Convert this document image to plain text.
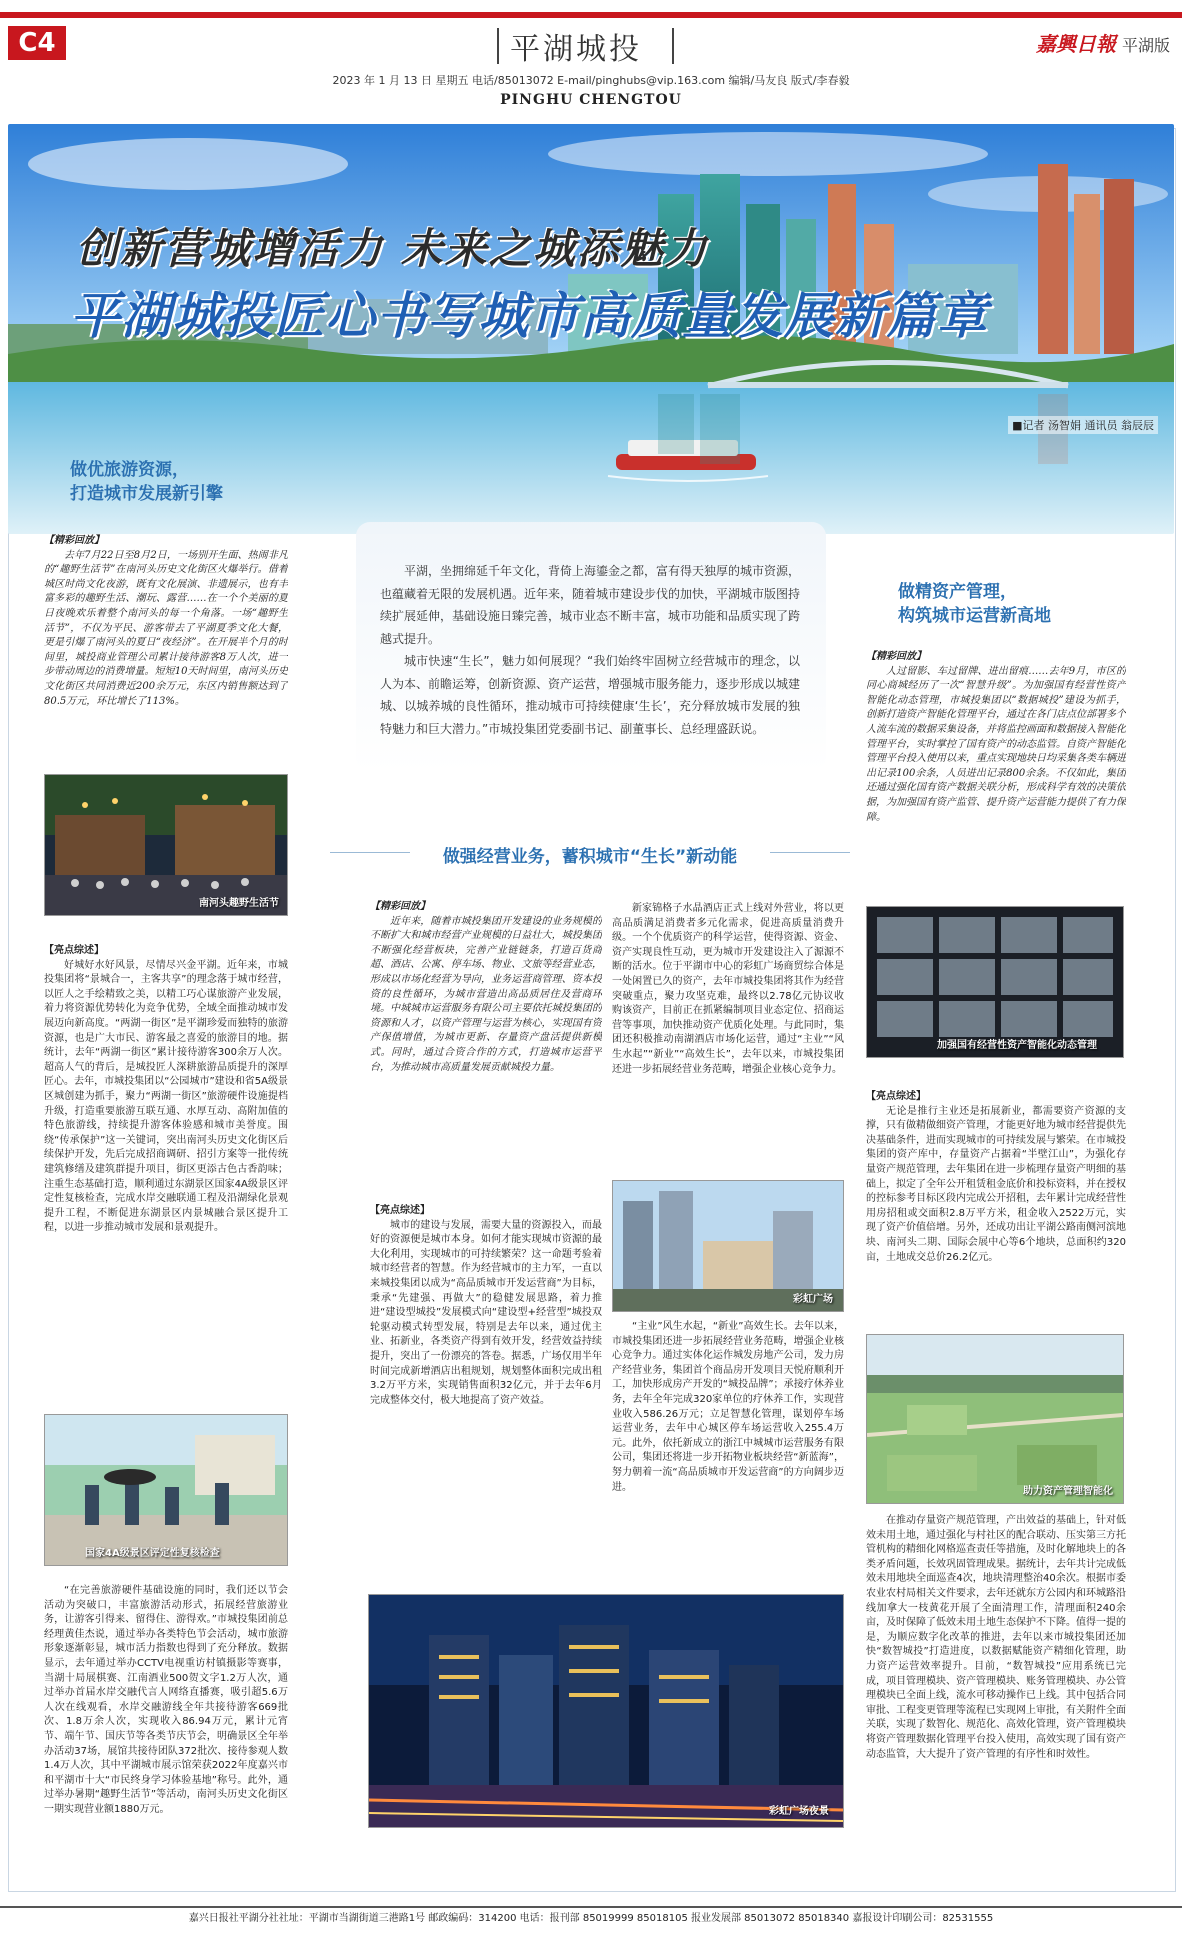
C4	平湖城投	嘉興日報 平湖版
2023 年 1 月 13 日 星期五 电话/85013072 E-mail/pinghubs@vip.163.com 编辑/马友良 版式/李春毅
PINGHU CHENGTOU
创新营城增活力 未来之城添魅力
平湖城投匠心书写城市高质量发展新篇章
■记者 汤智娟 通讯员 翁辰辰

平湖，坐拥绵延千年文化，背倚上海鎏金之都，富有得天独厚的城市资源，也蕴藏着无限的发展机遇。近年来，随着城市建设步伐的加快，平湖城市版图持续扩展延伸，基础设施日臻完善，城市业态不断丰富，城市功能和品质实现了跨越式提升。

城市快速“生长”，魅力如何展现？“我们始终牢固树立经营城市的理念，以人为本、前瞻运筹，创新资源、资产运营，增强城市服务能力，逐步形成以城建城、以城养城的良性循环，推动城市可持续健康‘生长’，充分释放城市发展的独特魅力和巨大潜力。”市城投集团党委副书记、副董事长、总经理盛跃说。

做优旅游资源，
打造城市发展新引擎
【精彩回放】

去年7月22日至8月2日，一场别开生面、热闹非凡的“趣野生活节”在南河头历史文化街区火爆举行。借着城区时尚文化夜游，既有文化展演、非遗展示，也有丰富多彩的趣野生活、潮玩、露营……在一个个美丽的夏日夜晚欢乐着整个南河头的每一个角落。一场“趣野生活节”，不仅为平民、游客带去了平湖夏季文化大餐，更是引爆了南河头的夏日“夜经济”。在开展半个月的时间里，城投商业管理公司累计接待游客8万人次，进一步带动周边的消费增量。短短10天时间里，南河头历史文化街区共同消费近200余万元，东区内销售额达到了80.5万元，环比增长了113%。

南河头趣野生活节
【亮点综述】

好城好水好风景，尽情尽兴金平湖。近年来，市城投集团将“景城合一，主客共享”的理念落于城市经营，以匠人之手绘精致之美，以精工巧心谋旅游产业发展，着力将资源优势转化为竞争优势，全域全面推动城市发展迈向新高度。“两湖一街区”是平湖珍爱而独特的旅游资源，也是广大市民、游客最之喜爱的旅游目的地。据统计，去年“两湖一街区”累计接待游客300余万人次。超高人气的背后，是城投匠人深耕旅游品质提升的深厚匠心。去年，市城投集团以“公园城市”建设和省5A级景区城创建为抓手，聚力“两湖一街区”旅游硬件设施提档升级，打造重要旅游互联互通、水厚互动、高附加值的特色旅游线，持续提升游客体验感和城市美誉度。围绕“传承保护”这一关键词，突出南河头历史文化街区后续保护开发，先后完成招商调研、招引方案等一批传统建筑修缮及建筑群提升项目，街区更添古色古香韵味；注重生态基础打造，顺利通过东湖景区国家4A级景区评定性复核检查，完成水岸交融联通工程及沿湖绿化景观提升工程，不断促进东湖景区内景城融合景区提升工程，以进一步推动城市发展和景观提升。

国家4A级景区评定性复核检查

“在完善旅游硬件基础设施的同时，我们还以节会活动为突破口，丰富旅游活动形式，拓展经营旅游业务，让游客引得来、留得住、游得欢。”市城投集团前总经理黄佳杰说，通过举办各类特色节会活动，城市旅游形象逐渐彰显，城市活力指数也得到了充分释放。数据显示，去年通过举办CCTV电视重访村镇摄影等赛事，当湖十局展棋赛、江南酒业500贺文字1.2万人次，通过举办首届水岸交融代言人网络直播赛，吸引超5.6万人次在线观看，水岸交融游线全年共接待游客669批次、1.8万余人次，实现收入86.94万元，累计元宵节、端午节、国庆节等各类节庆节会，明确景区全年举办活动37场，展馆共接待团队372批次、接待参观人数1.4万人次，其中平湖城市展示馆荣获2022年度嘉兴市和平湖市十大“市民终身学习体验基地”称号。此外，通过举办暑期“趣野生活节”等活动，南河头历史文化街区一期实现营业额1880万元。

做强经营业务，蓄积城市“生长”新动能
【精彩回放】

近年来，随着市城投集团开发建设的业务规模的不断扩大和城市经营产业规模的日益壮大，城投集团不断强化经营板块，完善产业链链条，打造百货商超、酒店、公寓、停车场、物业、文旅等经营业态，形成以市场化经营为导向，业务运营商管理、资本投资的良性循环，为城市营造出高品质居住及营商环境。中城城市运营服务有限公司主要依托城投集团的资源和人才，以资产管理与运营为核心，实现国有资产保值增值，为城市更新、存量资产盘活提供新模式。同时，通过合资合作的方式，打造城市运营平台，为推动城市高质量发展贡献城投力量。

【亮点综述】

城市的建设与发展，需要大量的资源投入，而最好的资源便是城市本身。如何才能实现城市资源的最大化利用，实现城市的可持续繁荣？这一命题考验着城市经营者的智慧。作为经营城市的主力军，一直以来城投集团以成为“高品质城市开发运营商”为目标，秉承“先建强、再做大”的稳健发展思路，着力推进“建设型城投”发展模式向“建设型+经营型”城投双轮驱动模式转型发展，特别是去年以来，通过优主业、拓新业，各类资产得到有效开发，经营效益持续提升，突出了一份漂亮的答卷。据悉，广场仅用半年时间完成新增酒店出租规划，规划整体面积完成出租3.2万平方米，实现销售面积32亿元，并于去年6月完成整体交付，极大地提高了资产效益。

新家锦格子水晶酒店正式上线对外营业，将以更高品质满足消费者多元化需求，促进高质量消费升级。一个个优质资产的科学运营，使得资源、资金、资产实现良性互动，更为城市开发建设注入了源源不断的活水。位于平湖市中心的彩虹广场商贸综合体是一处闲置已久的资产，去年市城投集团将其作为经营突破重点，聚力攻坚克难，最终以2.78亿元协议收购该资产，目前正在抓紧编制项目业态定位、招商运营等事项，加快推动资产优质化处理。与此同时，集团还积极推动南湖酒店市场化运营，通过“主业”“风生水起”“新业”“高效生长”，去年以来，市城投集团还进一步拓展经营业务范畴，增强企业核心竞争力。

彩虹广场

“主业”风生水起，“新业”高效生长。去年以来，市城投集团还进一步拓展经营业务范畴，增强企业核心竞争力。通过实体化运作城发房地产公司，发力房产经营业务，集团首个商品房开发项目天悦府顺利开工，加快形成房产开发的“城投品牌”；承接疗休养业务，去年全年完成320家单位的疗休养工作，实现营业收入586.26万元；立足智慧化管理，谋划停车场运营业务，去年中心城区停车场运营收入255.4万元。此外，依托新成立的浙江中城城市运营服务有限公司，集团还将进一步开拓物业板块经营“新蓝海”，努力朝着一流“高品质城市开发运营商”的方向阔步迈进。

彩虹广场夜景
做精资产管理，
构筑城市运营新高地
【精彩回放】

人过留影、车过留牌、进出留痕……去年9月，市区的同心商城经历了一次“智慧升级”。为加强国有经营性资产智能化动态管理，市城投集团以“数据城投”建设为抓手，创新打造资产智能化管理平台，通过在各门店点位部署多个人流车流的数据采集设备，并将监控画面和数据接入智能化管理平台，实时掌控了国有资产的动态监管。自资产智能化管理平台投入使用以来，重点实现地块日均采集各类车辆进出记录100余条，人员进出记录800余条。不仅如此，集团还通过强化国有资产数据关联分析，形成科学有效的决策依据，为加强国有资产监管、提升资产运营能力提供了有力保障。

加强国有经营性资产智能化动态管理
【亮点综述】

无论是推行主业还是拓展新业，都需要资产资源的支撑，只有做精做细资产管理，才能更好地为城市经营提供先决基础条件，进而实现城市的可持续发展与繁荣。在市城投集团的资产库中，存量资产占据着“半壁江山”，为强化存量资产规范管理，去年集团在进一步梳理存量资产明细的基础上，拟定了全年公开租赁租金底价和投标资料，并在授权的控标参考目标区段内完成公开招租，去年累计完成经营性用房招租或交面积2.8万平方米，租金收入2522万元，实现了资产价值倍增。另外，还成功出让平湖公路南侧河滨地块、南河头二期、国际会展中心等6个地块，总面积约320亩，土地成交总价26.2亿元。

助力资产管理智能化

在推动存量资产规范管理，产出效益的基础上，针对低效未用土地，通过强化与村社区的配合联动、压实第三方托管机构的精细化网格巡查责任等措施，及时化解地块上的各类矛盾问题，长效巩固管理成果。据统计，去年共计完成低效未用地块全面巡查4次，地块清理整治40余次。根据市委农业农村局相关文件要求，去年还就东方公园内和环城路沿线加拿大一枝黄花开展了全面清理工作，清理面积240余亩，及时保障了低效未用土地生态保护不下降。值得一提的是，为顺应数字化改革的推进，去年以来市城投集团还加快“数智城投”打造进度，以数据赋能资产精细化管理，助力资产运营效率提升。目前，“数智城投”应用系统已完成，项目管理模块、资产管理模块、账务管理模块、办公管理模块已全面上线，流水可移动操作已上线。其中包括合同审批、工程变更管理等流程已实现网上审批，有关附件全面关联，实现了数智化、规范化、高效化管理，资产管理模块将资产管理数据化管理平台投入使用，高效实现了国有资产动态监管，大大提升了资产管理的有序性和时效性。

嘉兴日报社平湖分社社址：平湖市当湖街道三港路1号 邮政编码：314200 电话：报刊部 85019999 85018105 报业发展部 85013072 85018340 嘉报设计印刷公司：82531555
